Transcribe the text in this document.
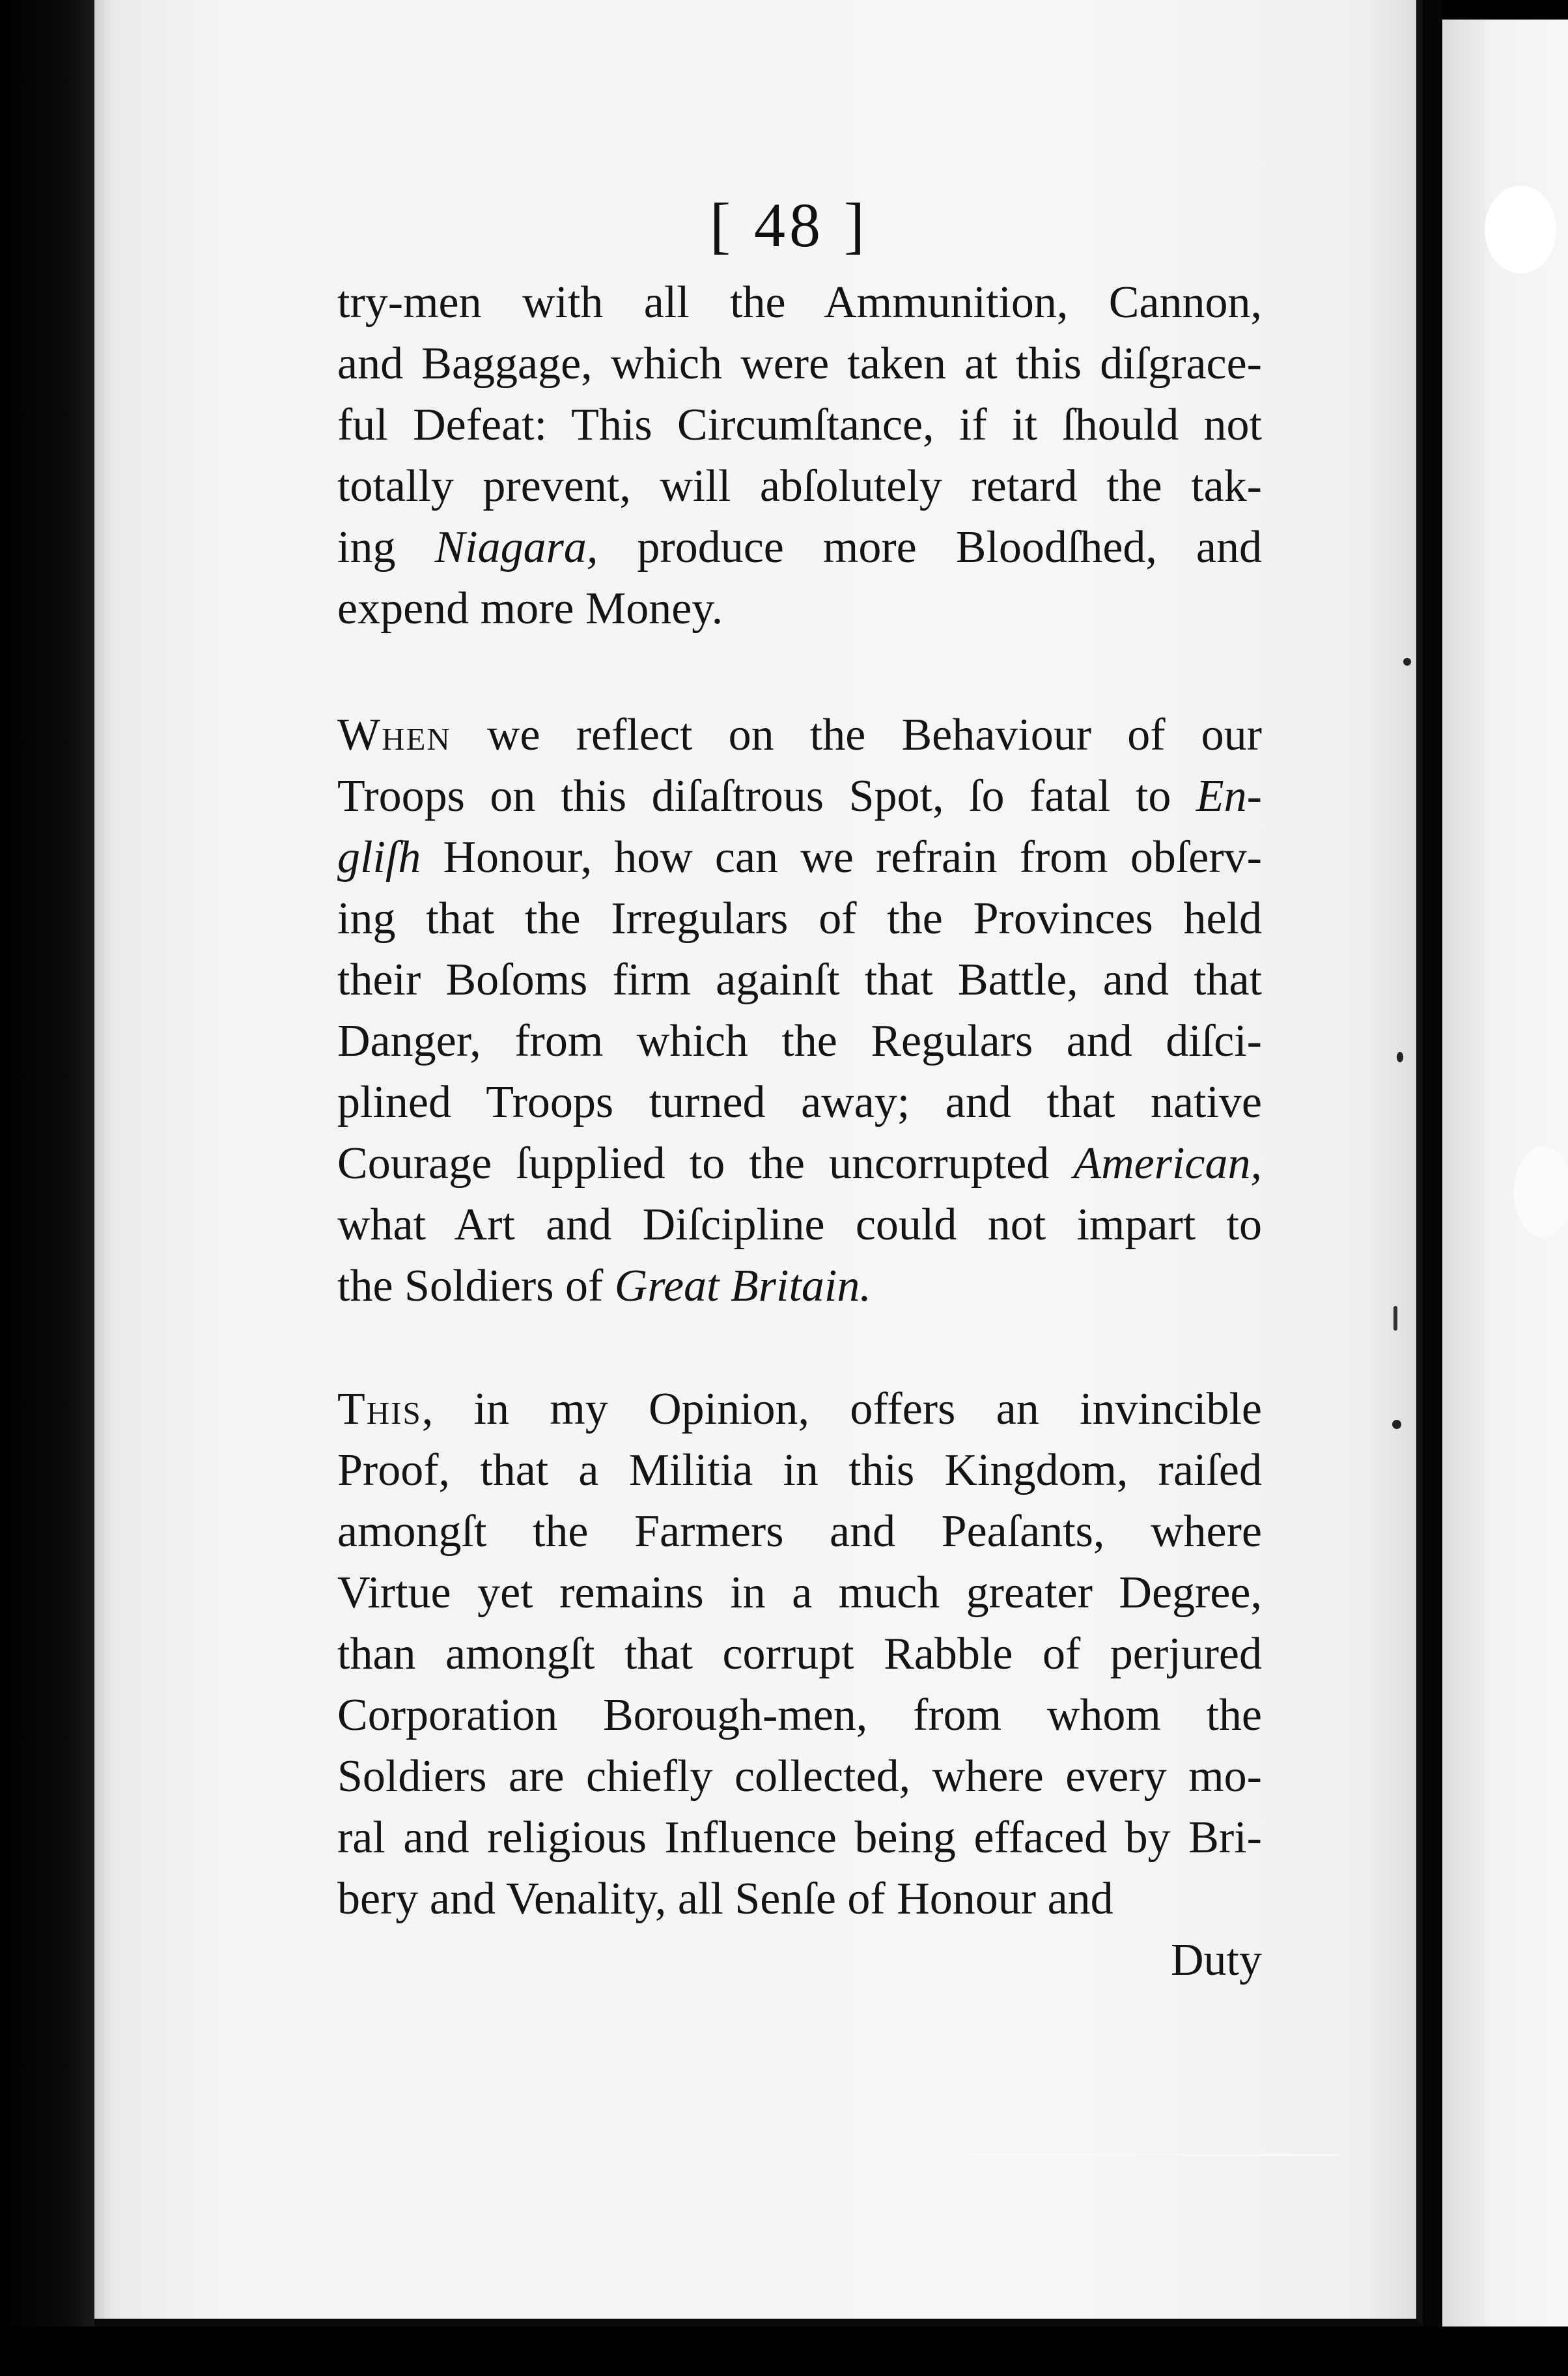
[ 48 ]
try-men with all the Ammunition, Cannon,
and Baggage, which were taken at this diſgrace-
ful Defeat: This Circumſtance, if it ſhould not
totally prevent, will abſolutely retard the tak-
ing Niagara, produce more Bloodſhed, and
expend more Money.
When we reflect on the Behaviour of our
Troops on this diſaſtrous Spot, ſo fatal to En-
gliſh Honour, how can we refrain from obſerv-
ing that the Irregulars of the Provinces held
their Boſoms firm againſt that Battle, and that
Danger, from which the Regulars and diſci-
plined Troops turned away; and that native
Courage ſupplied to the uncorrupted American,
what Art and Diſcipline could not impart to
the Soldiers of Great Britain.
This, in my Opinion, offers an invincible
Proof, that a Militia in this Kingdom, raiſed
amongſt the Farmers and Peaſants, where
Virtue yet remains in a much greater Degree,
than amongſt that corrupt Rabble of perjured
Corporation Borough-men, from whom the
Soldiers are chiefly collected, where every mo-
ral and religious Influence being effaced by Bri-
bery and Venality, all Senſe of Honour and
Duty
